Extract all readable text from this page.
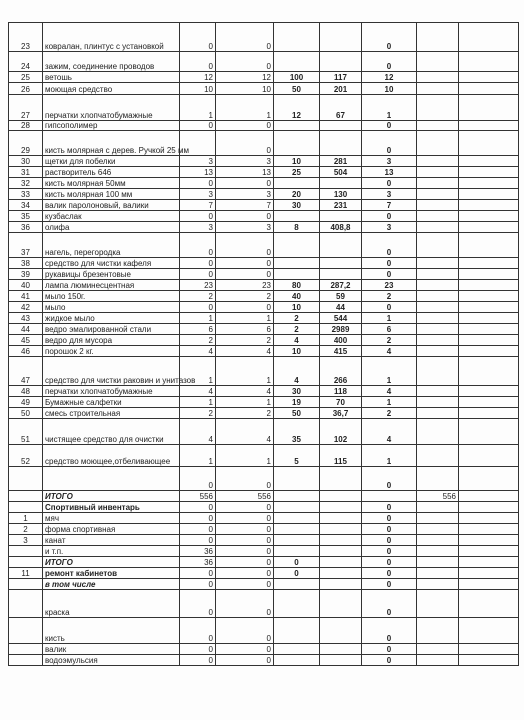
23	ковралан, плинтус с установкой	0	0			0		
24	зажим, соединение проводов	0	0			0		
25	ветошь	12	12	100	117	12		
26	моющая средство	10	10	50	201	10		
27	перчатки хлопчатобумажные	1	1	12	67	1		
28	гипсополимер	0	0			0		
29	кисть молярная с дерев. Ручкой 25 мм		0			0		
30	щетки для побелки	3	3	10	281	3		
31	растворитель 646	13	13	25	504	13		
32	кисть молярная 50мм	0	0			0		
33	кисть молярная 100 мм	3	3	20	130	3		
34	валик паролоновый, валики	7	7	30	231	7		
35	кузбаслак	0	0			0		
36	олифа	3	3	8	408,8	3		
37	нагель, перегородка	0	0			0		
38	средство для чистки кафеля	0	0			0		
39	рукавицы брезентовые	0	0			0		
40	лампа люминесцентная	23	23	80	287,2	23		
41	мыло 150г.	2	2	40	59	2		
42	мыло	0	0	10	44	0		
43	жидкое мыло	1	1	2	544	1		
44	ведро эмалированной стали	6	6	2	2989	6		
45	ведро для мусора	2	2	4	400	2		
46	порошок 2 кг.	4	4	10	415	4		
47	средство для чистки раковин и унитазов	1	1	4	266	1		
48	перчатки хлопчатобумажные	4	4	30	118	4		
49	Бумажные салфетки	1	1	19	70	1		
50	смесь строительная	2	2	50	36,7	2		
51	чистящее средство для очистки	4	4	35	102	4		
52	средство моющее,отбеливающее	1	1	5	115	1		
		0	0			0		
	ИТОГО	556	556				556	
	Спортивный инвентарь	0	0			0		
1	мяч	0	0			0		
2	форма спортивная	0	0			0		
3	канат	0	0			0		
	и т.п.	36	0			0		
	ИТОГО	36	0	0		0		
11	ремонт кабинетов	0	0	0		0		
	в том числе	0	0			0		
	краска	0	0			0		
	кисть	0	0			0		
	валик	0	0			0		
	водоэмульсия	0	0			0		
